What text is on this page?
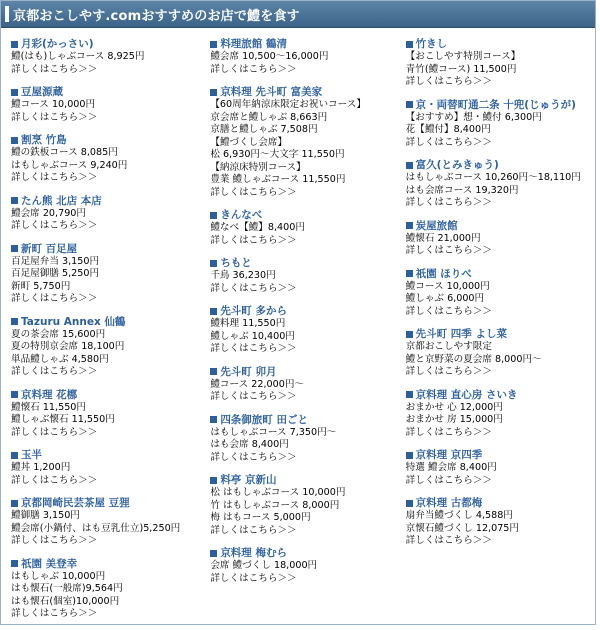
京都おこしやす.comおすすめのお店で鱧を食す
月彩(かっさい)
鱧(はも)しゃぶコース 8,925円
詳しくはこちら＞＞
豆屋源蔵
鱧コース 10,000円
詳しくはこちら＞＞
割烹 竹島
鱧の鉄板コース 8,085円
はもしゃぶコース 9,240円
詳しくはこちら＞＞
たん熊 北店 本店
鱧会席 20,790円
詳しくはこちら＞＞
新町 百足屋
百足屋弁当 3,150円
百足屋御膳 5,250円
新町 5,750円
詳しくはこちら＞＞
Tazuru Annex 仙鶴
夏の茶会席 15,600円
夏の特別京会席 18,100円
単品鱧しゃぶ 4,580円
詳しくはこちら＞＞
京料理 花梛
鱧懐石 11,550円
鱧しゃぶ懐石 11,550円
詳しくはこちら＞＞
玉半
鱧丼 1,200円
詳しくはこちら＞＞
京都岡崎民芸茶屋 豆狸
鱧御膳 3,150円
鱧会席(小鍋付、はも豆乳仕立)5,250円
詳しくはこちら＞＞
祇園 美登幸
はもしゃぶ 10,000円
はも懐石(一般席)9,564円
はも懐石(個室)10,000円
詳しくはこちら＞＞
料理旅館 鶴清
鱧会席 10,500～16,000円
詳しくはこちら＞＞
京料理 先斗町 富美家
【60周年納涼床限定お祝いコース】
京会席と鱧しゃぶ 8,663円
京膳と鱧しゃぶ 7,508円
【鱧づくし会席】
松 6,930円～大文字 11,550円
【納涼床特別コース】
豊業 鱧しゃぶコース 11,550円
詳しくはこちら＞＞
きんなべ
鱧なべ【鱧】8,400円
詳しくはこちら＞＞
ちもと
千鳥 36,230円
詳しくはこちら＞＞
先斗町 多から
鱧料理 11,550円
鱧しゃぶ 10,400円
詳しくはこちら＞＞
先斗町 卯月
鱧コース 22,000円～
詳しくはこちら＞＞
四条御旅町 田ごと
はもしゃぶコース 7,350円～
はも会席 8,400円
詳しくはこちら＞＞
料亭 京新山
松 はもしゃぶコース 10,000円
竹 はもしゃぶコース 8,000円
梅 はもコース 5,000円
詳しくはこちら＞＞
京料理 梅むら
会席 鱧づくし 18,000円
詳しくはこちら＞＞
竹きし
【おこしやす特別コース】
青竹(鱧コース) 11,500円
詳しくはこちら＞＞
京・両替町通二条 十兜(じゅうが)
【おすすめ】想・鱧付 6,300円
花【鱧付】8,400円
詳しくはこちら＞＞
富久(とみきゅう)
はもしゃぶコース 10,260円～18,110円
はも会席コース 19,320円
詳しくはこちら＞＞
炭屋旅館
鱧懐石 21,000円
詳しくはこちら＞＞
祇園 ほりべ
鱧コース 10,000円
鱧しゃぶ 6,000円
詳しくはこちら＞＞
先斗町 四季 よし菜
京都おこしやす限定
鱧と京野菜の夏会席 8,000円～
詳しくはこちら＞＞
京料理 直心房 さいき
おまかせ 心 12,000円
おまかせ 房 15,000円
詳しくはこちら＞＞
京料理 京四季
特選 鱧会席 8,400円
詳しくはこちら＞＞
京料理 古都梅
扇弁当鱧づくし 4,588円
京懐石鱧づくし 12,075円
詳しくはこちら＞＞
